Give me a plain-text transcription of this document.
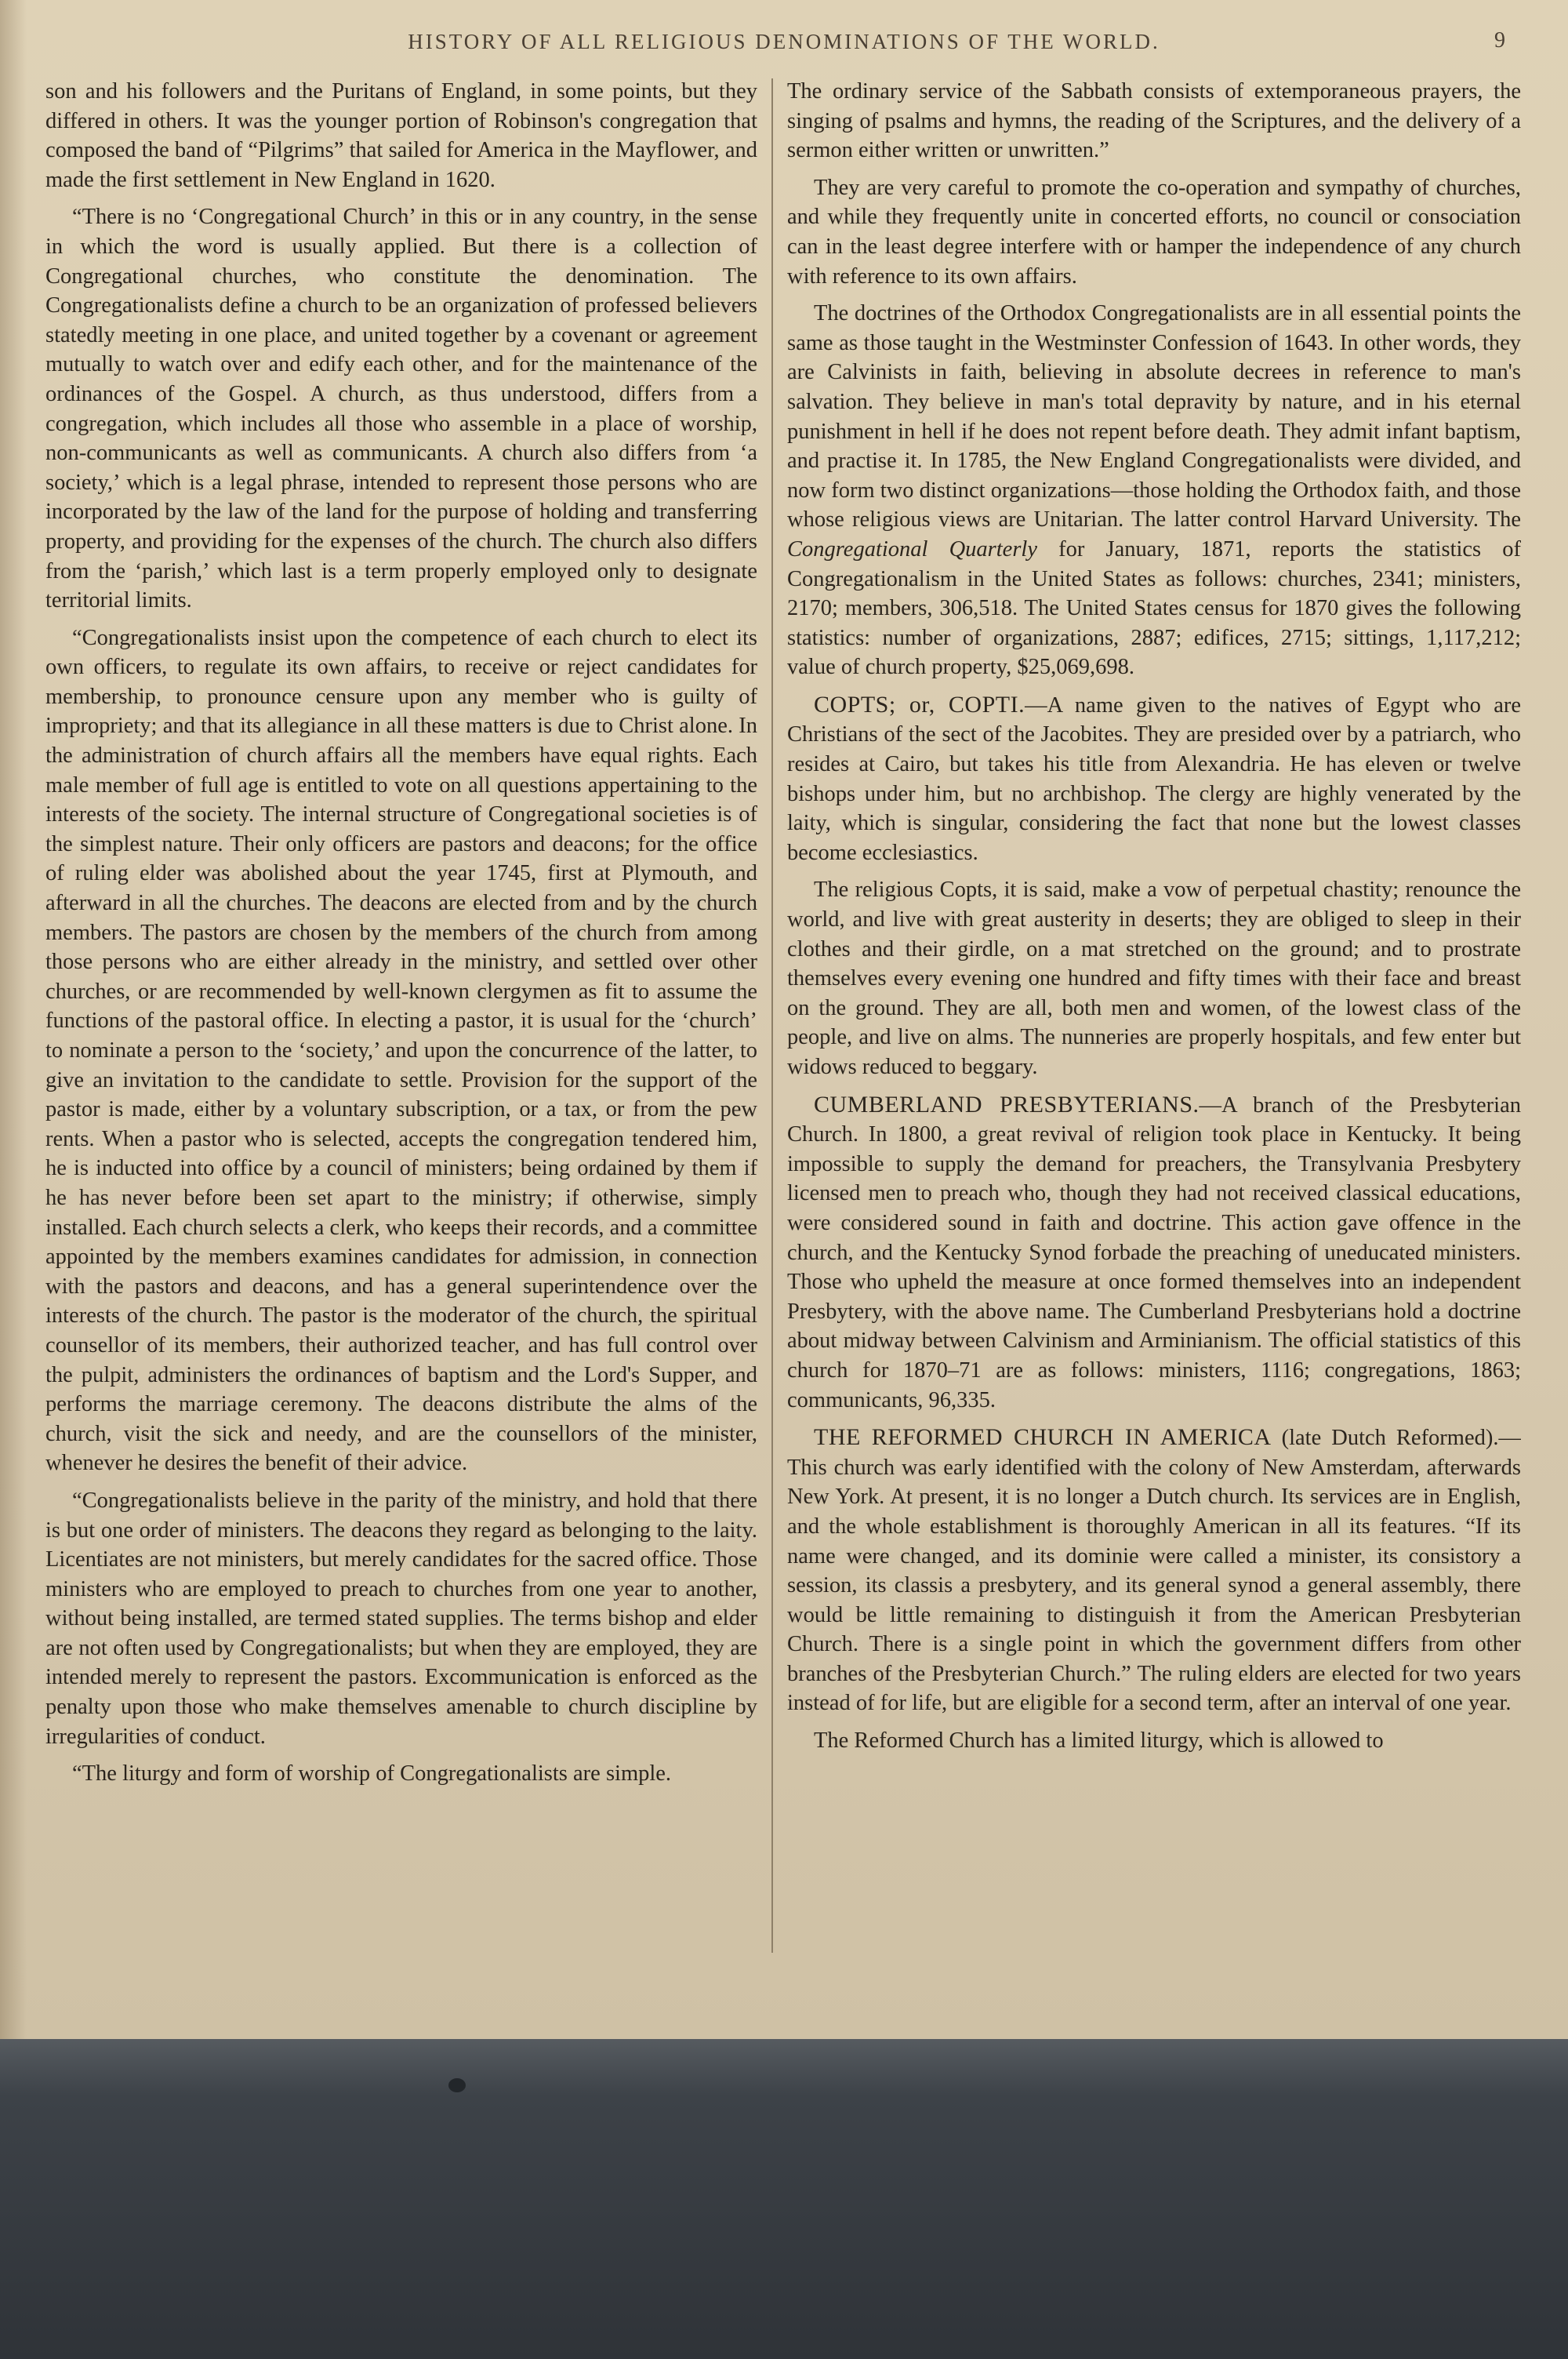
HISTORY OF ALL RELIGIOUS DENOMINATIONS OF THE WORLD.	9

son and his followers and the Puritans of England, in some points, but they differed in others. It was the younger portion of Robinson's congregation that composed the band of “Pilgrims” that sailed for America in the Mayflower, and made the first settlement in New England in 1620.

“There is no ‘Congregational Church’ in this or in any country, in the sense in which the word is usually applied. But there is a collection of Congregational churches, who constitute the denomination. The Congregationalists define a church to be an organization of professed believers statedly meeting in one place, and united together by a covenant or agreement mutually to watch over and edify each other, and for the maintenance of the ordinances of the Gospel. A church, as thus understood, differs from a congregation, which includes all those who assemble in a place of worship, non-communicants as well as communicants. A church also differs from ‘a society,’ which is a legal phrase, intended to represent those persons who are incorporated by the law of the land for the purpose of holding and transferring property, and providing for the expenses of the church. The church also differs from the ‘parish,’ which last is a term properly employed only to designate territorial limits.

“Congregationalists insist upon the competence of each church to elect its own officers, to regulate its own affairs, to receive or reject candidates for membership, to pronounce censure upon any member who is guilty of impropriety; and that its allegiance in all these matters is due to Christ alone. In the administration of church affairs all the members have equal rights. Each male member of full age is entitled to vote on all questions appertaining to the interests of the society. The internal structure of Congregational societies is of the simplest nature. Their only officers are pastors and deacons; for the office of ruling elder was abolished about the year 1745, first at Plymouth, and afterward in all the churches. The deacons are elected from and by the church members. The pastors are chosen by the members of the church from among those persons who are either already in the ministry, and settled over other churches, or are recommended by well-known clergymen as fit to assume the functions of the pastoral office. In electing a pastor, it is usual for the ‘church’ to nominate a person to the ‘society,’ and upon the concurrence of the latter, to give an invitation to the candidate to settle. Provision for the support of the pastor is made, either by a voluntary subscription, or a tax, or from the pew rents. When a pastor who is selected, accepts the congregation tendered him, he is inducted into office by a council of ministers; being ordained by them if he has never before been set apart to the ministry; if otherwise, simply installed. Each church selects a clerk, who keeps their records, and a committee appointed by the members examines candidates for admission, in connection with the pastors and deacons, and has a general superintendence over the interests of the church. The pastor is the moderator of the church, the spiritual counsellor of its members, their authorized teacher, and has full control over the pulpit, administers the ordinances of baptism and the Lord's Supper, and performs the marriage ceremony. The deacons distribute the alms of the church, visit the sick and needy, and are the counsellors of the minister, whenever he desires the benefit of their advice.

“Congregationalists believe in the parity of the ministry, and hold that there is but one order of ministers. The deacons they regard as belonging to the laity. Licentiates are not ministers, but merely candidates for the sacred office. Those ministers who are employed to preach to churches from one year to another, without being installed, are termed stated supplies. The terms bishop and elder are not often used by Congregationalists; but when they are employed, they are intended merely to represent the pastors. Excommunication is enforced as the penalty upon those who make themselves amenable to church discipline by irregularities of conduct.

“The liturgy and form of worship of Congregationalists are simple.

The ordinary service of the Sabbath consists of extemporaneous prayers, the singing of psalms and hymns, the reading of the Scriptures, and the delivery of a sermon either written or unwritten.”

They are very careful to promote the co-operation and sympathy of churches, and while they frequently unite in concerted efforts, no council or consociation can in the least degree interfere with or hamper the independence of any church with reference to its own affairs.

The doctrines of the Orthodox Congregationalists are in all essential points the same as those taught in the Westminster Confession of 1643. In other words, they are Calvinists in faith, believing in absolute decrees in reference to man's salvation. They believe in man's total depravity by nature, and in his eternal punishment in hell if he does not repent before death. They admit infant baptism, and practise it. In 1785, the New England Congregationalists were divided, and now form two distinct organizations—those holding the Orthodox faith, and those whose religious views are Unitarian. The latter control Harvard University. The Congregational Quarterly for January, 1871, reports the statistics of Congregationalism in the United States as follows: churches, 2341; ministers, 2170; members, 306,518. The United States census for 1870 gives the following statistics: number of organizations, 2887; edifices, 2715; sittings, 1,117,212; value of church property, $25,069,698.

COPTS; or, COPTI.—A name given to the natives of Egypt who are Christians of the sect of the Jacobites. They are presided over by a patriarch, who resides at Cairo, but takes his title from Alexandria. He has eleven or twelve bishops under him, but no archbishop. The clergy are highly venerated by the laity, which is singular, considering the fact that none but the lowest classes become ecclesiastics.

The religious Copts, it is said, make a vow of perpetual chastity; renounce the world, and live with great austerity in deserts; they are obliged to sleep in their clothes and their girdle, on a mat stretched on the ground; and to prostrate themselves every evening one hundred and fifty times with their face and breast on the ground. They are all, both men and women, of the lowest class of the people, and live on alms. The nunneries are properly hospitals, and few enter but widows reduced to beggary.

CUMBERLAND PRESBYTERIANS.—A branch of the Presbyterian Church. In 1800, a great revival of religion took place in Kentucky. It being impossible to supply the demand for preachers, the Transylvania Presbytery licensed men to preach who, though they had not received classical educations, were considered sound in faith and doctrine. This action gave offence in the church, and the Kentucky Synod forbade the preaching of uneducated ministers. Those who upheld the measure at once formed themselves into an independent Presbytery, with the above name. The Cumberland Presbyterians hold a doctrine about midway between Calvinism and Arminianism. The official statistics of this church for 1870–71 are as follows: ministers, 1116; congregations, 1863; communicants, 96,335.

THE REFORMED CHURCH IN AMERICA (late Dutch Reformed).—This church was early identified with the colony of New Amsterdam, afterwards New York. At present, it is no longer a Dutch church. Its services are in English, and the whole establishment is thoroughly American in all its features. “If its name were changed, and its dominie were called a minister, its consistory a session, its classis a presbytery, and its general synod a general assembly, there would be little remaining to distinguish it from the American Presbyterian Church. There is a single point in which the government differs from other branches of the Presbyterian Church.” The ruling elders are elected for two years instead of for life, but are eligible for a second term, after an interval of one year.

The Reformed Church has a limited liturgy, which is allowed to
